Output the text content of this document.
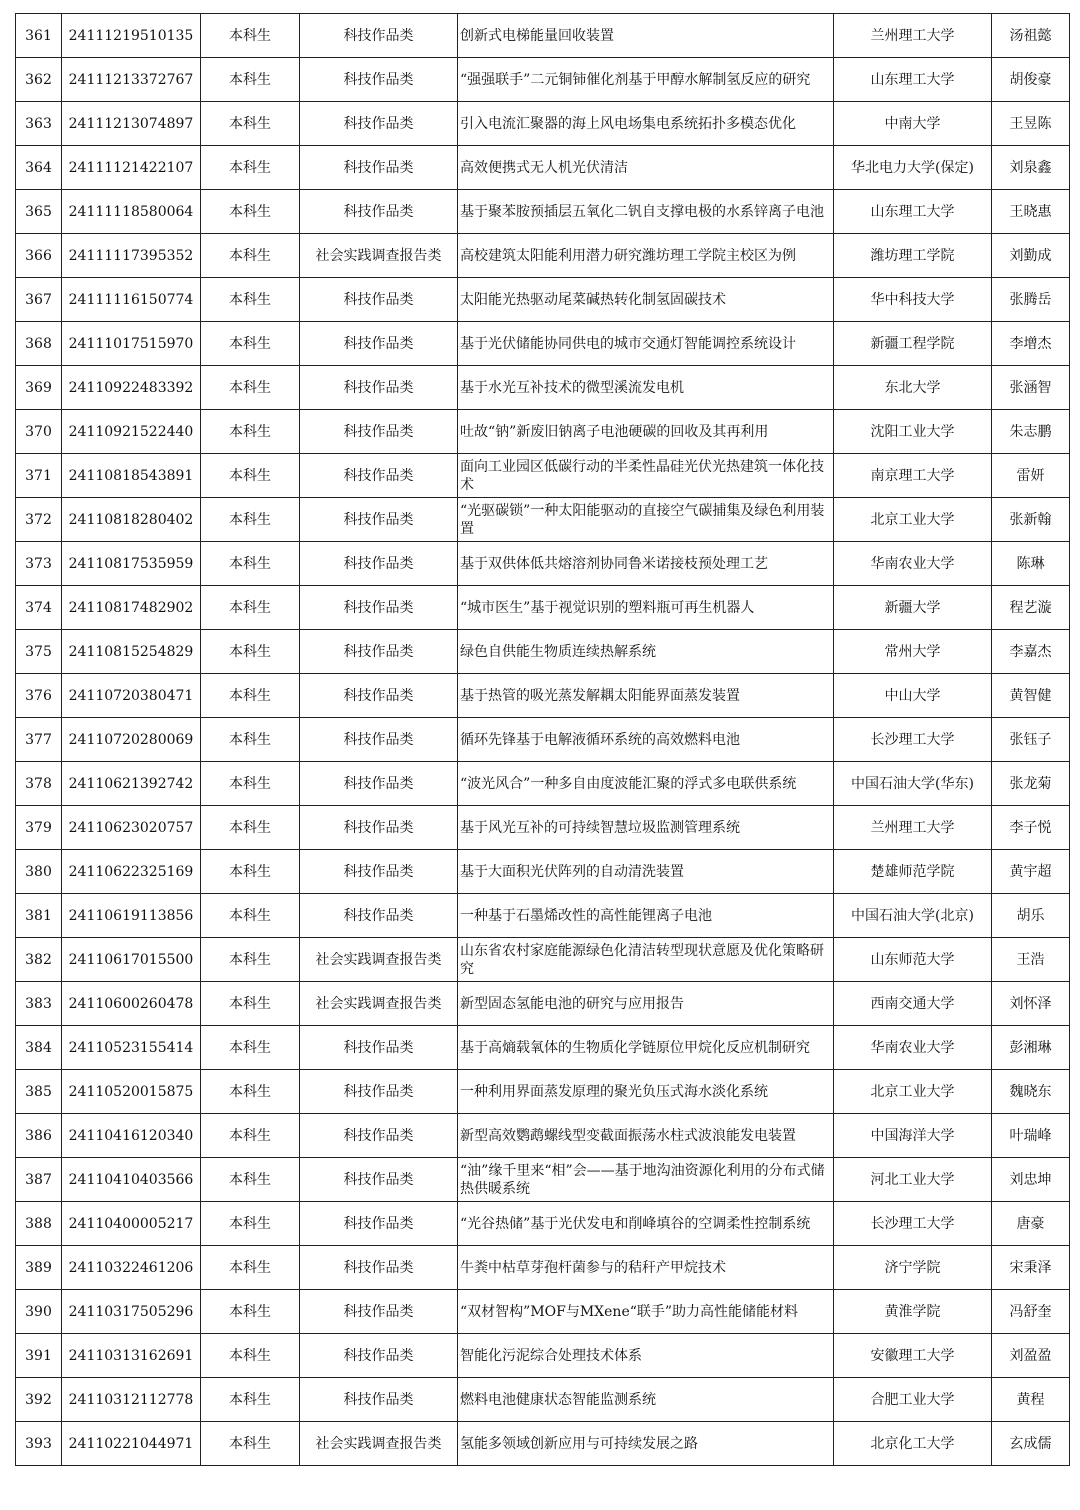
361	24111219510135	本科生	科技作品类	创新式电梯能量回收装置	兰州理工大学	汤祖懿
362	24111213372767	本科生	科技作品类	“强强联手”二元铜铈催化剂基于甲醇水解制氢反应的研究	山东理工大学	胡俊豪
363	24111213074897	本科生	科技作品类	引入电流汇聚器的海上风电场集电系统拓扑多模态优化	中南大学	王昱陈
364	24111121422107	本科生	科技作品类	高效便携式无人机光伏清洁	华北电力大学(保定)	刘泉鑫
365	24111118580064	本科生	科技作品类	基于聚苯胺预插层五氧化二钒自支撑电极的水系锌离子电池	山东理工大学	王晓惠
366	24111117395352	本科生	社会实践调查报告类	高校建筑太阳能利用潜力研究潍坊理工学院主校区为例	潍坊理工学院	刘勤成
367	24111116150774	本科生	科技作品类	太阳能光热驱动尾菜碱热转化制氢固碳技术	华中科技大学	张腾岳
368	24111017515970	本科生	科技作品类	基于光伏储能协同供电的城市交通灯智能调控系统设计	新疆工程学院	李增杰
369	24110922483392	本科生	科技作品类	基于水光互补技术的微型溪流发电机	东北大学	张涵智
370	24110921522440	本科生	科技作品类	吐故“钠”新废旧钠离子电池硬碳的回收及其再利用	沈阳工业大学	朱志鹏
371	24110818543891	本科生	科技作品类	面向工业园区低碳行动的半柔性晶硅光伏光热建筑一体化技术	南京理工大学	雷妍
372	24110818280402	本科生	科技作品类	“光驱碳锁”一种太阳能驱动的直接空气碳捕集及绿色利用装置	北京工业大学	张新翰
373	24110817535959	本科生	科技作品类	基于双供体低共熔溶剂协同鲁米诺接枝预处理工艺	华南农业大学	陈琳
374	24110817482902	本科生	科技作品类	“城市医生”基于视觉识别的塑料瓶可再生机器人	新疆大学	程艺漩
375	24110815254829	本科生	科技作品类	绿色自供能生物质连续热解系统	常州大学	李嘉杰
376	24110720380471	本科生	科技作品类	基于热管的吸光蒸发解耦太阳能界面蒸发装置	中山大学	黄智健
377	24110720280069	本科生	科技作品类	循环先锋基于电解液循环系统的高效燃料电池	长沙理工大学	张钰子
378	24110621392742	本科生	科技作品类	“波光风合”一种多自由度波能汇聚的浮式多电联供系统	中国石油大学(华东)	张龙菊
379	24110623020757	本科生	科技作品类	基于风光互补的可持续智慧垃圾监测管理系统	兰州理工大学	李子悦
380	24110622325169	本科生	科技作品类	基于大面积光伏阵列的自动清洗装置	楚雄师范学院	黄宇超
381	24110619113856	本科生	科技作品类	一种基于石墨烯改性的高性能锂离子电池	中国石油大学(北京)	胡乐
382	24110617015500	本科生	社会实践调查报告类	山东省农村家庭能源绿色化清洁转型现状意愿及优化策略研究	山东师范大学	王浩
383	24110600260478	本科生	社会实践调查报告类	新型固态氢能电池的研究与应用报告	西南交通大学	刘怀泽
384	24110523155414	本科生	科技作品类	基于高熵载氧体的生物质化学链原位甲烷化反应机制研究	华南农业大学	彭湘琳
385	24110520015875	本科生	科技作品类	一种利用界面蒸发原理的聚光负压式海水淡化系统	北京工业大学	魏晓东
386	24110416120340	本科生	科技作品类	新型高效鹦鹉螺线型变截面振荡水柱式波浪能发电装置	中国海洋大学	叶瑞峰
387	24110410403566	本科生	科技作品类	“油”缘千里来“相”会——基于地沟油资源化利用的分布式储热供暖系统	河北工业大学	刘忠坤
388	24110400005217	本科生	科技作品类	“光谷热储”基于光伏发电和削峰填谷的空调柔性控制系统	长沙理工大学	唐豪
389	24110322461206	本科生	科技作品类	牛粪中枯草芽孢杆菌参与的秸秆产甲烷技术	济宁学院	宋秉泽
390	24110317505296	本科生	科技作品类	“双材智构”MOF与MXene“联手”助力高性能储能材料	黄淮学院	冯舒奎
391	24110313162691	本科生	科技作品类	智能化污泥综合处理技术体系	安徽理工大学	刘盈盈
392	24110312112778	本科生	科技作品类	燃料电池健康状态智能监测系统	合肥工业大学	黄程
393	24110221044971	本科生	社会实践调查报告类	氢能多领域创新应用与可持续发展之路	北京化工大学	玄成儒
